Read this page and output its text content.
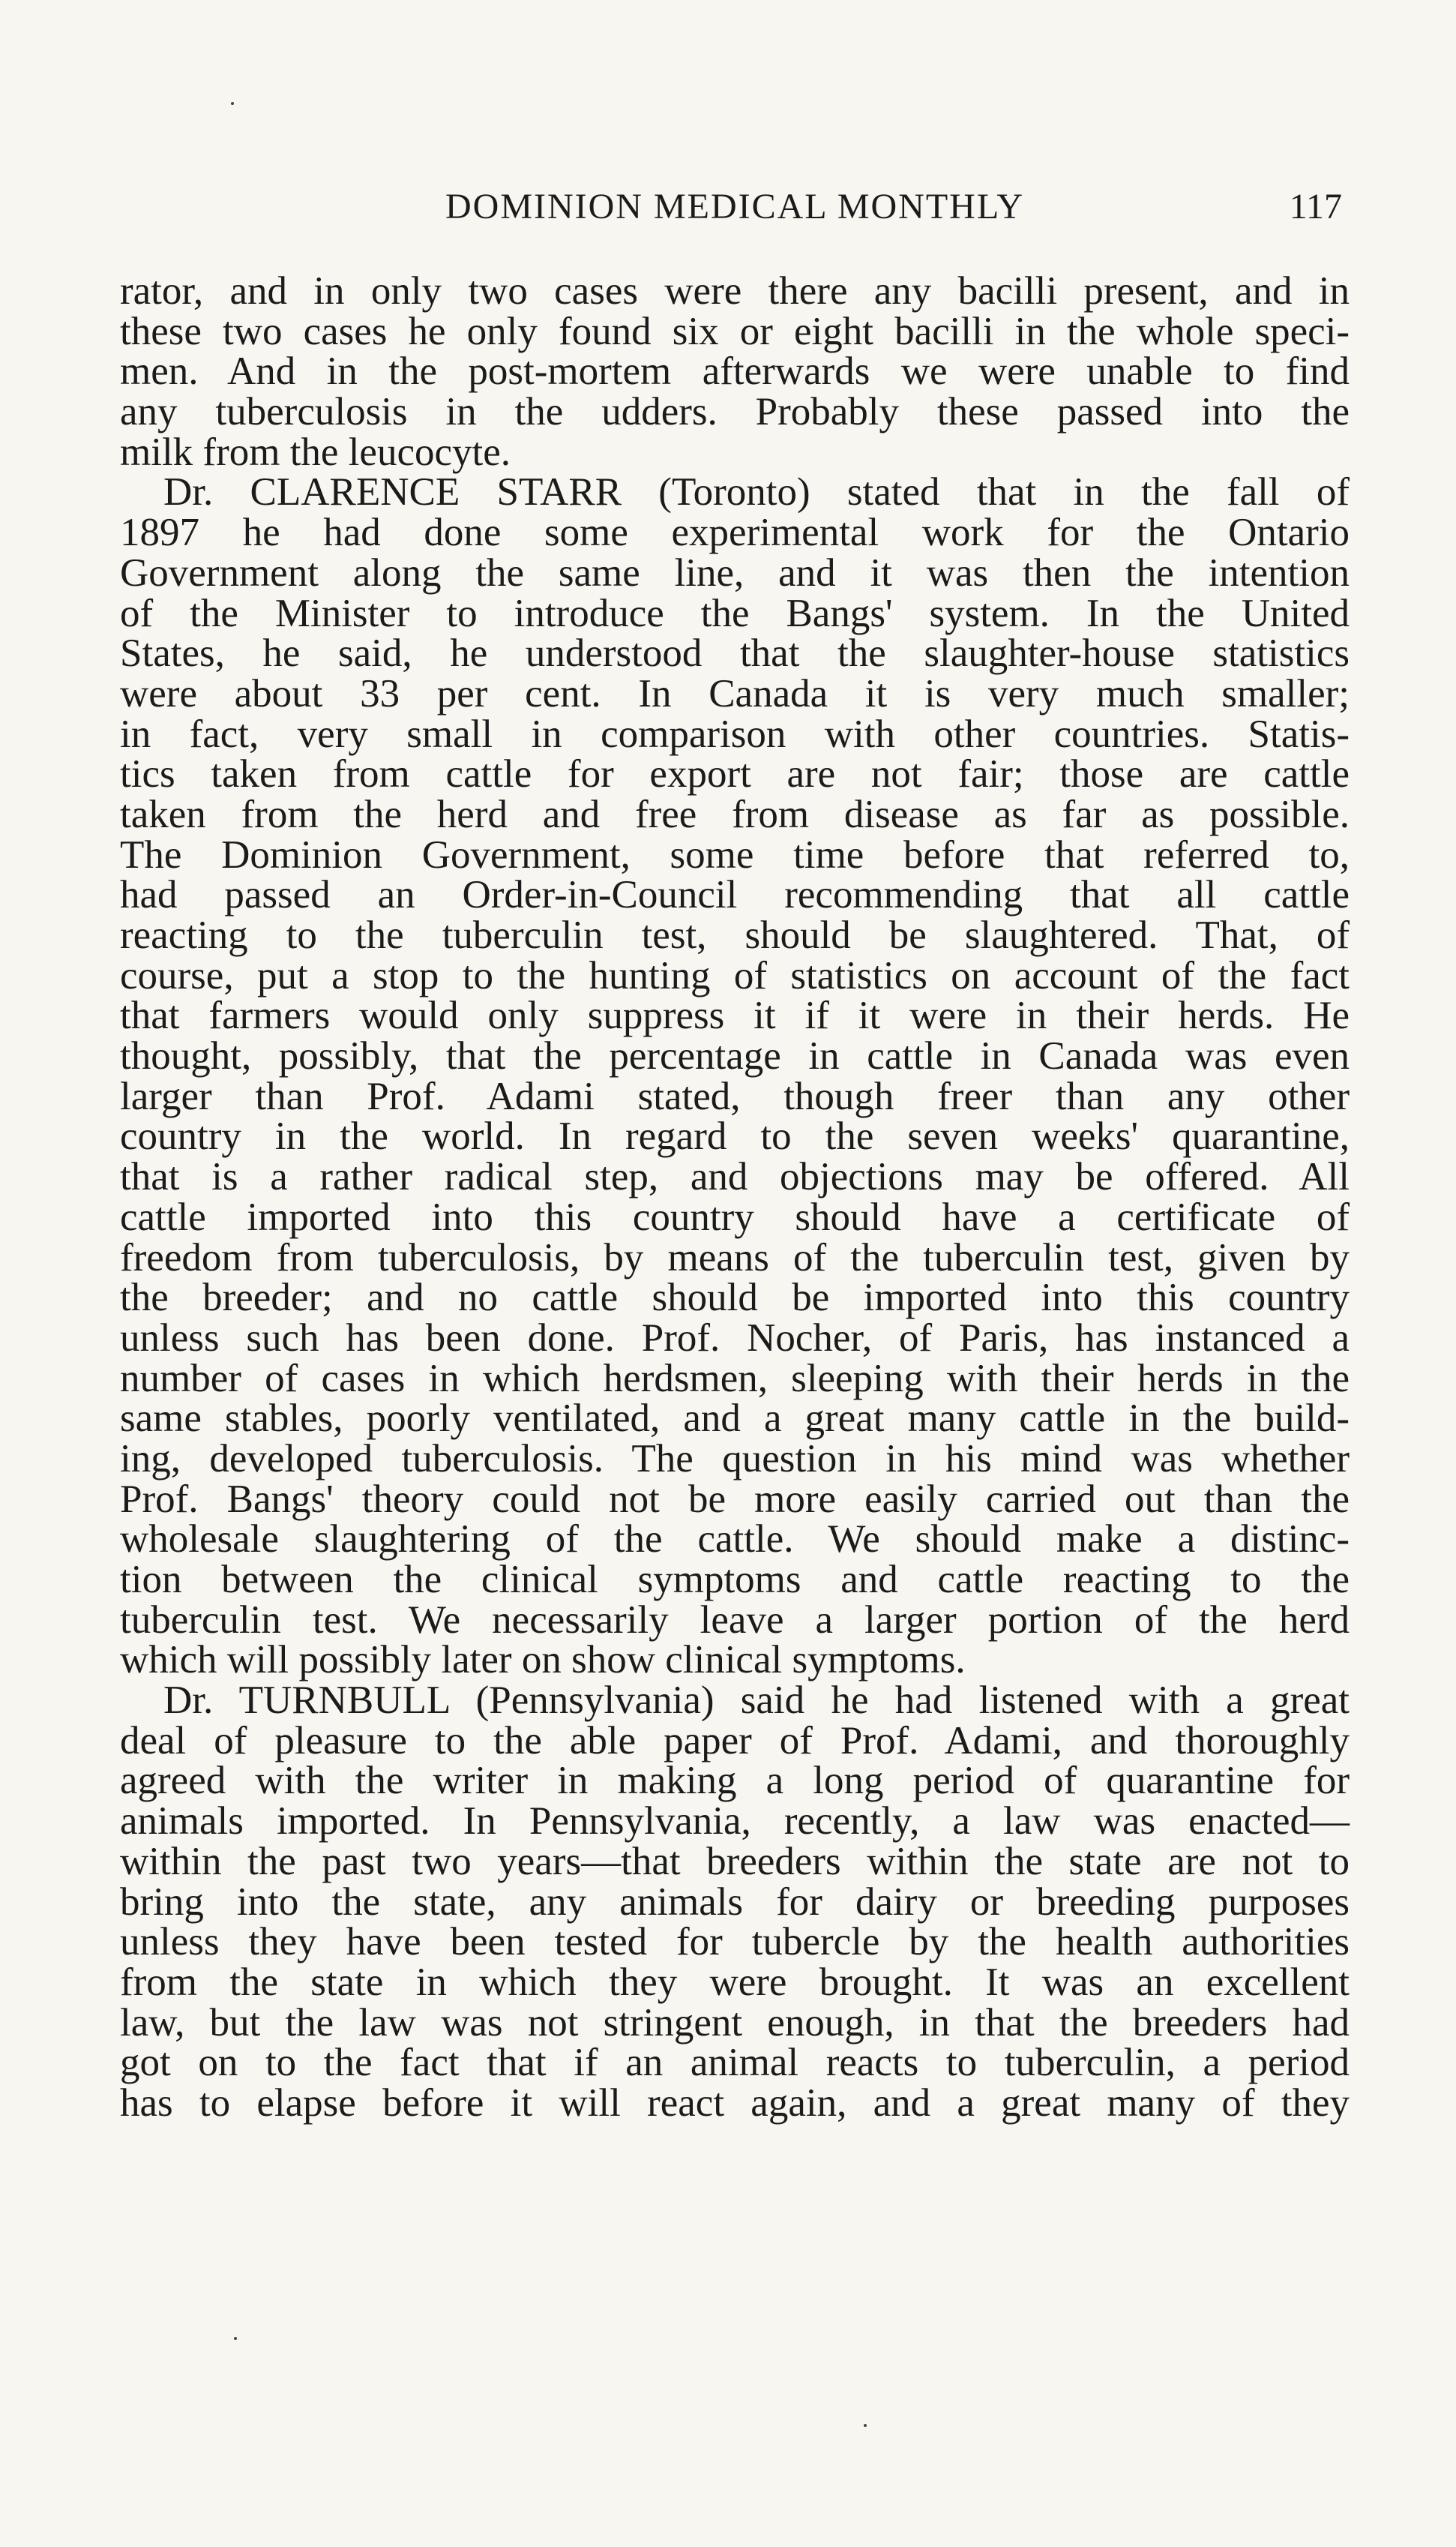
DOMINION MEDICAL MONTHLY	117
rator, and in only two cases were there any bacilli present, and in
these two cases he only found six or eight bacilli in the whole speci-
men. And in the post-mortem afterwards we were unable to find
any tuberculosis in the udders. Probably these passed into the
milk from the leucocyte.
Dr. CLARENCE STARR (Toronto) stated that in the fall of
1897 he had done some experimental work for the Ontario
Government along the same line, and it was then the intention
of the Minister to introduce the Bangs' system. In the United
States, he said, he understood that the slaughter-house statistics
were about 33 per cent. In Canada it is very much smaller;
in fact, very small in comparison with other countries. Statis-
tics taken from cattle for export are not fair; those are cattle
taken from the herd and free from disease as far as possible.
The Dominion Government, some time before that referred to,
had passed an Order-in-Council recommending that all cattle
reacting to the tuberculin test, should be slaughtered. That, of
course, put a stop to the hunting of statistics on account of the fact
that farmers would only suppress it if it were in their herds. He
thought, possibly, that the percentage in cattle in Canada was even
larger than Prof. Adami stated, though freer than any other
country in the world. In regard to the seven weeks' quarantine,
that is a rather radical step, and objections may be offered. All
cattle imported into this country should have a certificate of
freedom from tuberculosis, by means of the tuberculin test, given by
the breeder; and no cattle should be imported into this country
unless such has been done. Prof. Nocher, of Paris, has instanced a
number of cases in which herdsmen, sleeping with their herds in the
same stables, poorly ventilated, and a great many cattle in the build-
ing, developed tuberculosis. The question in his mind was whether
Prof. Bangs' theory could not be more easily carried out than the
wholesale slaughtering of the cattle. We should make a distinc-
tion between the clinical symptoms and cattle reacting to the
tuberculin test. We necessarily leave a larger portion of the herd
which will possibly later on show clinical symptoms.
Dr. TURNBULL (Pennsylvania) said he had listened with a great
deal of pleasure to the able paper of Prof. Adami, and thoroughly
agreed with the writer in making a long period of quarantine for
animals imported. In Pennsylvania, recently, a law was enacted—
within the past two years—that breeders within the state are not to
bring into the state, any animals for dairy or breeding purposes
unless they have been tested for tubercle by the health authorities
from the state in which they were brought. It was an excellent
law, but the law was not stringent enough, in that the breeders had
got on to the fact that if an animal reacts to tuberculin, a period
has to elapse before it will react again, and a great many of they
